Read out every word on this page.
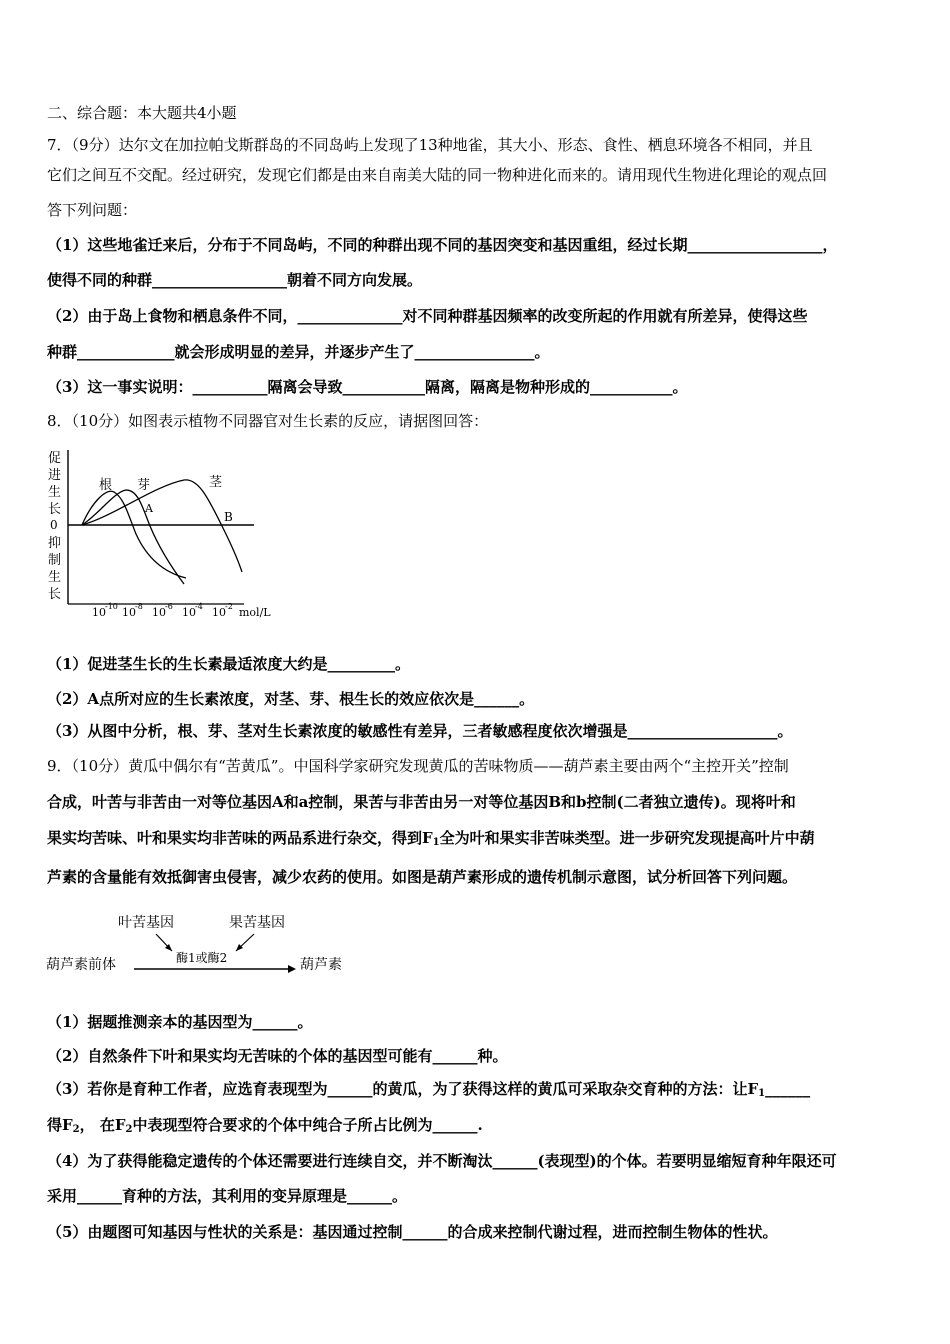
二、综合题：本大题共4小题
7．（9分）达尔文在加拉帕戈斯群岛的不同岛屿上发现了13种地雀，其大小、形态、食性、栖息环境各不相同，并且
它们之间互不交配。经过研究，发现它们都是由来自南美大陆的同一物种进化而来的。请用现代生物进化理论的观点回
答下列问题：
（1）这些地雀迁来后，分布于不同岛屿，不同的种群出现不同的基因突变和基因重组，经过长期__________________，
使得不同的种群__________________朝着不同方向发展。
（2）由于岛上食物和栖息条件不同，______________对不同种群基因频率的改变所起的作用就有所差异，使得这些
种群_____________就会形成明显的差异，并逐步产生了________________。
（3）这一事实说明：__________隔离会导致___________隔离，隔离是物种形成的___________。
8．（10分）如图表示植物不同器官对生长素的反应，请据图回答：
促
进
生
长
0
抑
制
生
长
根 芽	茎
A
B
10 -10 10 -8 10 -6 10 -4 10 -2 mol/L
（1）促进茎生长的生长素最适浓度大约是_________。
（2）A点所对应的生长素浓度，对茎、芽、根生长的效应依次是______。
（3）从图中分析，根、芽、茎对生长素浓度的敏感性有差异，三者敏感程度依次增强是____________________。
9．（10分）黄瓜中偶尔有“苦黄瓜”。中国科学家研究发现黄瓜的苦味物质——葫芦素主要由两个“主控开关”控制
合成，叶苦与非苦由一对等位基因A和a控制，果苦与非苦由另一对等位基因B和b控制(二者独立遗传)。现将叶和
果实均苦味、叶和果实均非苦味的两品系进行杂交，得到$F_1$全为叶和果实非苦味类型。进一步研究发现提高叶片中葫
芦素的含量能有效抵御害虫侵害，减少农药的使用。如图是葫芦素形成的遗传机制示意图，试分析回答下列问题。
叶苦基因	果苦基因
葫芦素前体	酶1或酶2	葫芦素
（1）据题推测亲本的基因型为______。
（2）自然条件下叶和果实均无苦味的个体的基因型可能有______种。
（3）若你是育种工作者，应选育表现型为______的黄瓜，为了获得这样的黄瓜可采取杂交育种的方法：让$F_1\_\_\_\_\_\_$
得$F_2$， 在$F_2$中表现型符合要求的个体中纯合子所占比例为______.
（4）为了获得能稳定遗传的个体还需要进行连续自交，并不断淘汰______(表现型)的个体。若要明显缩短育种年限还可
采用______育种的方法，其利用的变异原理是______。
（5）由题图可知基因与性状的关系是：基因通过控制______的合成来控制代谢过程，进而控制生物体的性状。
